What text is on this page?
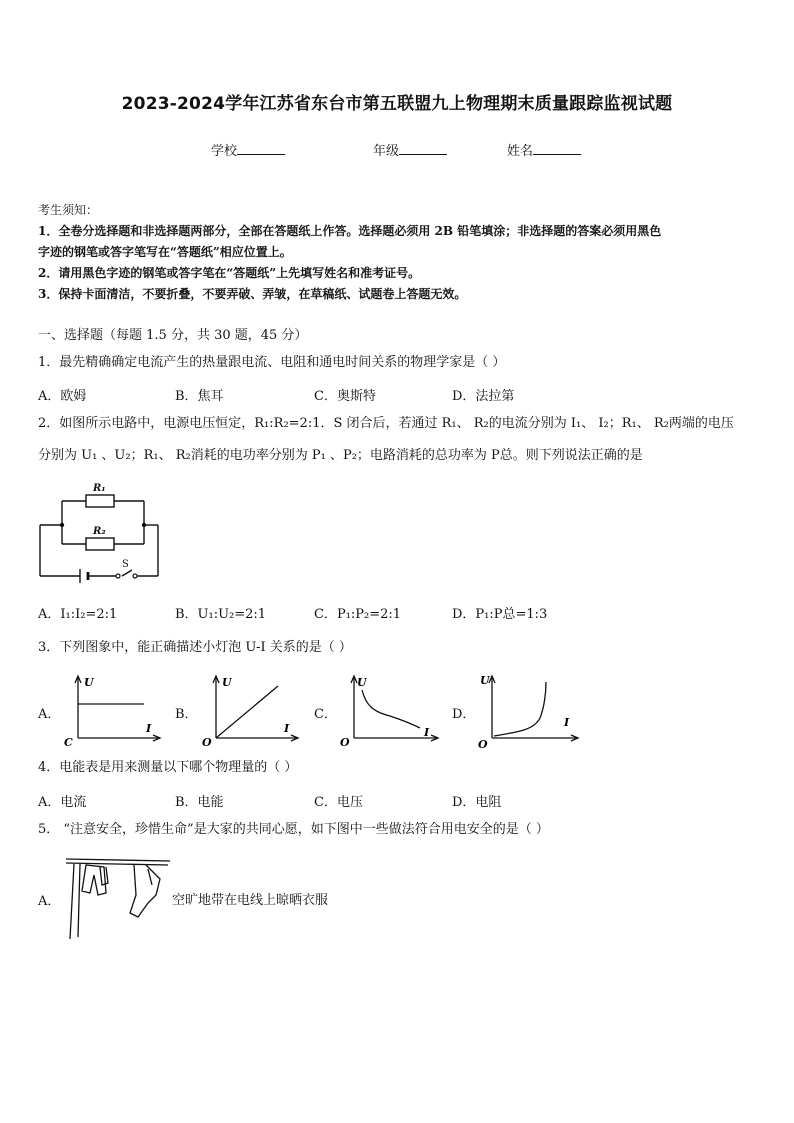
2023-2024学年江苏省东台市第五联盟九上物理期末质量跟踪监视试题
学校	年级	姓名
考生须知：
1．全卷分选择题和非选择题两部分，全部在答题纸上作答。选择题必须用 2B 铅笔填涂；非选择题的答案必须用黑色
字迹的钢笔或答字笔写在“答题纸”相应位置上。
2．请用黑色字迹的钢笔或答字笔在“答题纸”上先填写姓名和准考证号。
3．保持卡面清洁，不要折叠，不要弄破、弄皱，在草稿纸、试题卷上答题无效。
一、选择题（每题 1.5 分，共 30 题，45 分）
1．最先精确确定电流产生的热量跟电流、电阻和通电时间关系的物理学家是（ ）
A．欧姆	B．焦耳	C．奥斯特	D．法拉第
2．如图所示电路中，电源电压恒定，R₁:R₂=2:1．S 闭合后，若通过 R₁、 R₂的电流分别为 I₁、 I₂；R₁、 R₂两端的电压
分别为 U₁ 、U₂；R₁、 R₂消耗的电功率分别为 P₁ 、P₂；电路消耗的总功率为 P总。则下列说法正确的是
R₁
R₂
S
A．I₁:I₂=2:1	B．U₁:U₂=2:1	C．P₁:P₂=2:1	D．P₁:P总=1:3
3．下列图象中，能正确描述小灯泡 U-I 关系的是（ ）
A．	B．	C．	D．
U
I
C
U
I
O
U
I
O
U
I
O
4．电能表是用来测量以下哪个物理量的（ ）
A．电流	B．电能	C．电压	D．电阻
5． “注意安全，珍惜生命”是大家的共同心愿，如下图中一些做法符合用电安全的是（ ）
A．	空旷地带在电线上晾晒衣服
